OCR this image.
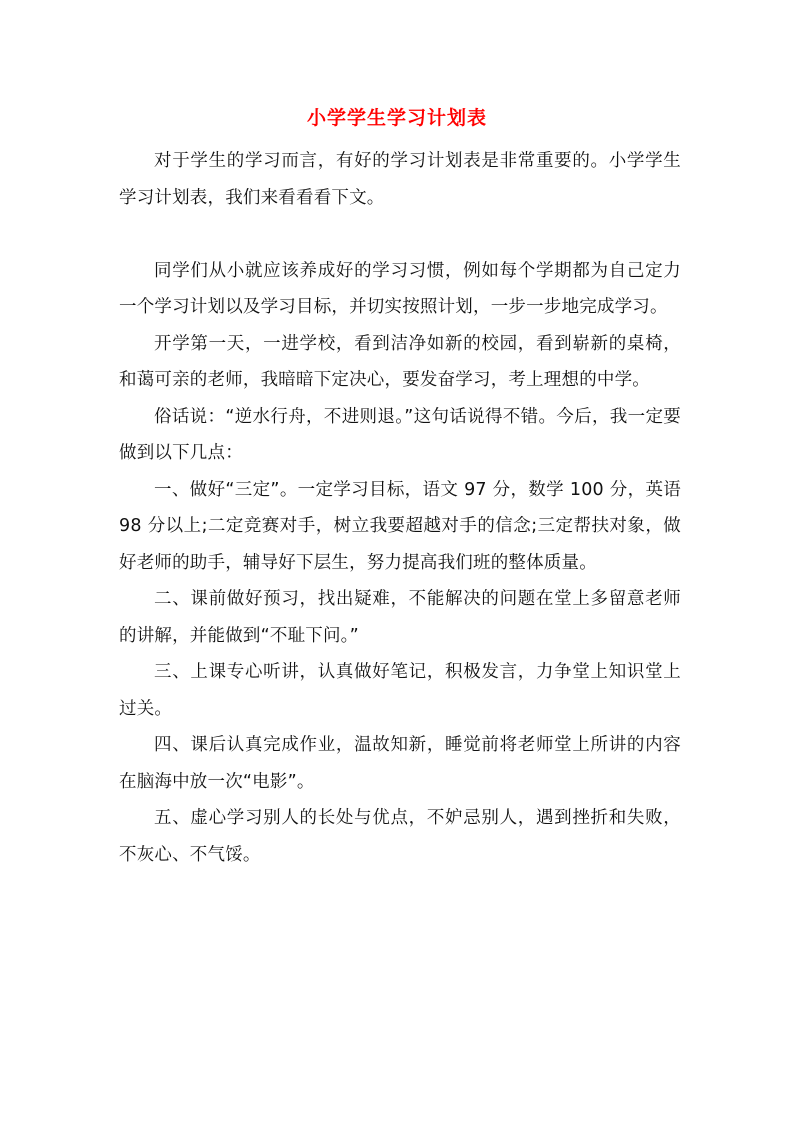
小学学生学习计划表

对于学生的学习而言，有好的学习计划表是非常重要的。小学学生学习计划表，我们来看看看下文。

同学们从小就应该养成好的学习习惯，例如每个学期都为自己定力一个学习计划以及学习目标，并切实按照计划，一步一步地完成学习。

开学第一天，一进学校，看到洁净如新的校园，看到崭新的桌椅，和蔼可亲的老师，我暗暗下定决心，要发奋学习，考上理想的中学。

俗话说：“逆水行舟，不进则退。”这句话说得不错。今后，我一定要做到以下几点：

一、做好“三定”。一定学习目标，语文 97 分，数学 100 分，英语 98 分以上;二定竞赛对手，树立我要超越对手的信念;三定帮扶对象，做好老师的助手，辅导好下层生，努力提高我们班的整体质量。

二、课前做好预习，找出疑难，不能解决的问题在堂上多留意老师的讲解，并能做到“不耻下问。”

三、上课专心听讲，认真做好笔记，积极发言，力争堂上知识堂上过关。

四、课后认真完成作业，温故知新，睡觉前将老师堂上所讲的内容在脑海中放一次“电影”。

五、虚心学习别人的长处与优点，不妒忌别人，遇到挫折和失败，不灰心、不气馁。
